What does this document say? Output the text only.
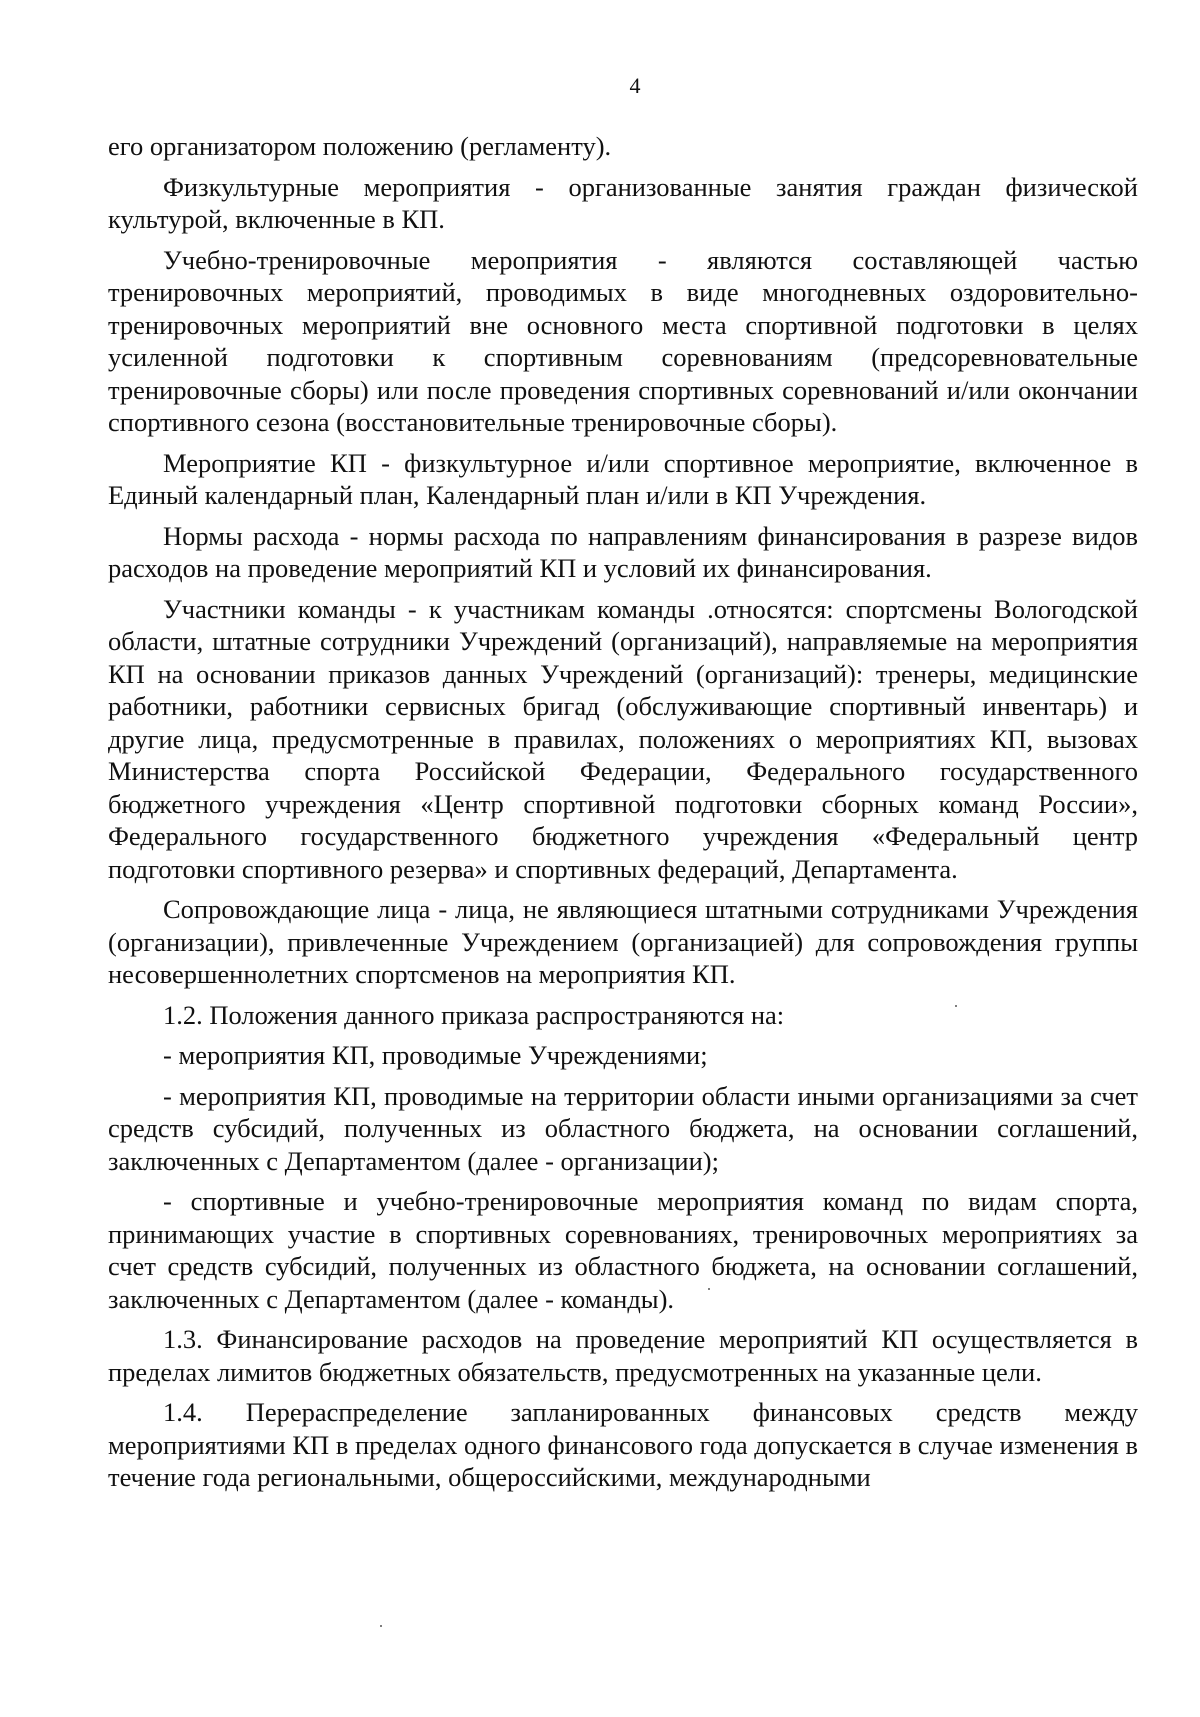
4

его организатором положению (регламенту).

Физкультурные мероприятия - организованные занятия граждан физической культурой, включенные в КП.

Учебно-тренировочные мероприятия - являются составляющей частью тренировочных мероприятий, проводимых в виде многодневных оздоровительно-тренировочных мероприятий вне основного места спортивной подготовки в целях усиленной подготовки к спортивным соревнованиям (предсоревновательные тренировочные сборы) или после проведения спортивных соревнований и/или окончании спортивного сезона (восстановительные тренировочные сборы).

Мероприятие КП - физкультурное и/или спортивное мероприятие, включенное в Единый календарный план, Календарный план и/или в КП Учреждения.

Нормы расхода - нормы расхода по направлениям финансирования в разрезе видов расходов на проведение мероприятий КП и условий их финансирования.

Участники команды - к участникам команды .относятся: спортсмены Вологодской области, штатные сотрудники Учреждений (организаций), направляемые на мероприятия КП на основании приказов данных Учреждений (организаций): тренеры, медицинские работники, работники сервисных бригад (обслуживающие спортивный инвентарь) и другие лица, предусмотренные в правилах, положениях о мероприятиях КП, вызовах Министерства спорта Российской Федерации, Федерального государственного бюджетного учреждения «Центр спортивной подготовки сборных команд России», Федерального государственного бюджетного учреждения «Федеральный центр подготовки спортивного резерва» и спортивных федераций, Департамента.

Сопровождающие лица - лица, не являющиеся штатными сотрудниками Учреждения (организации), привлеченные Учреждением (организацией) для сопровождения группы несовершеннолетних спортсменов на мероприятия КП.

1.2. Положения данного приказа распространяются на:

- мероприятия КП, проводимые Учреждениями;

- мероприятия КП, проводимые на территории области иными организациями за счет средств субсидий, полученных из областного бюджета, на основании соглашений, заключенных с Департаментом (далее - организации);

- спортивные и учебно-тренировочные мероприятия команд по видам спорта, принимающих участие в спортивных соревнованиях, тренировочных мероприятиях за счет средств субсидий, полученных из областного бюджета, на основании соглашений, заключенных с Департаментом (далее - команды).

1.3. Финансирование расходов на проведение мероприятий КП осуществляется в пределах лимитов бюджетных обязательств, предусмотренных на указанные цели.

1.4. Перераспределение запланированных финансовых средств между мероприятиями КП в пределах одного финансового года допускается в случае изменения в течение года региональными, общероссийскими, международными
